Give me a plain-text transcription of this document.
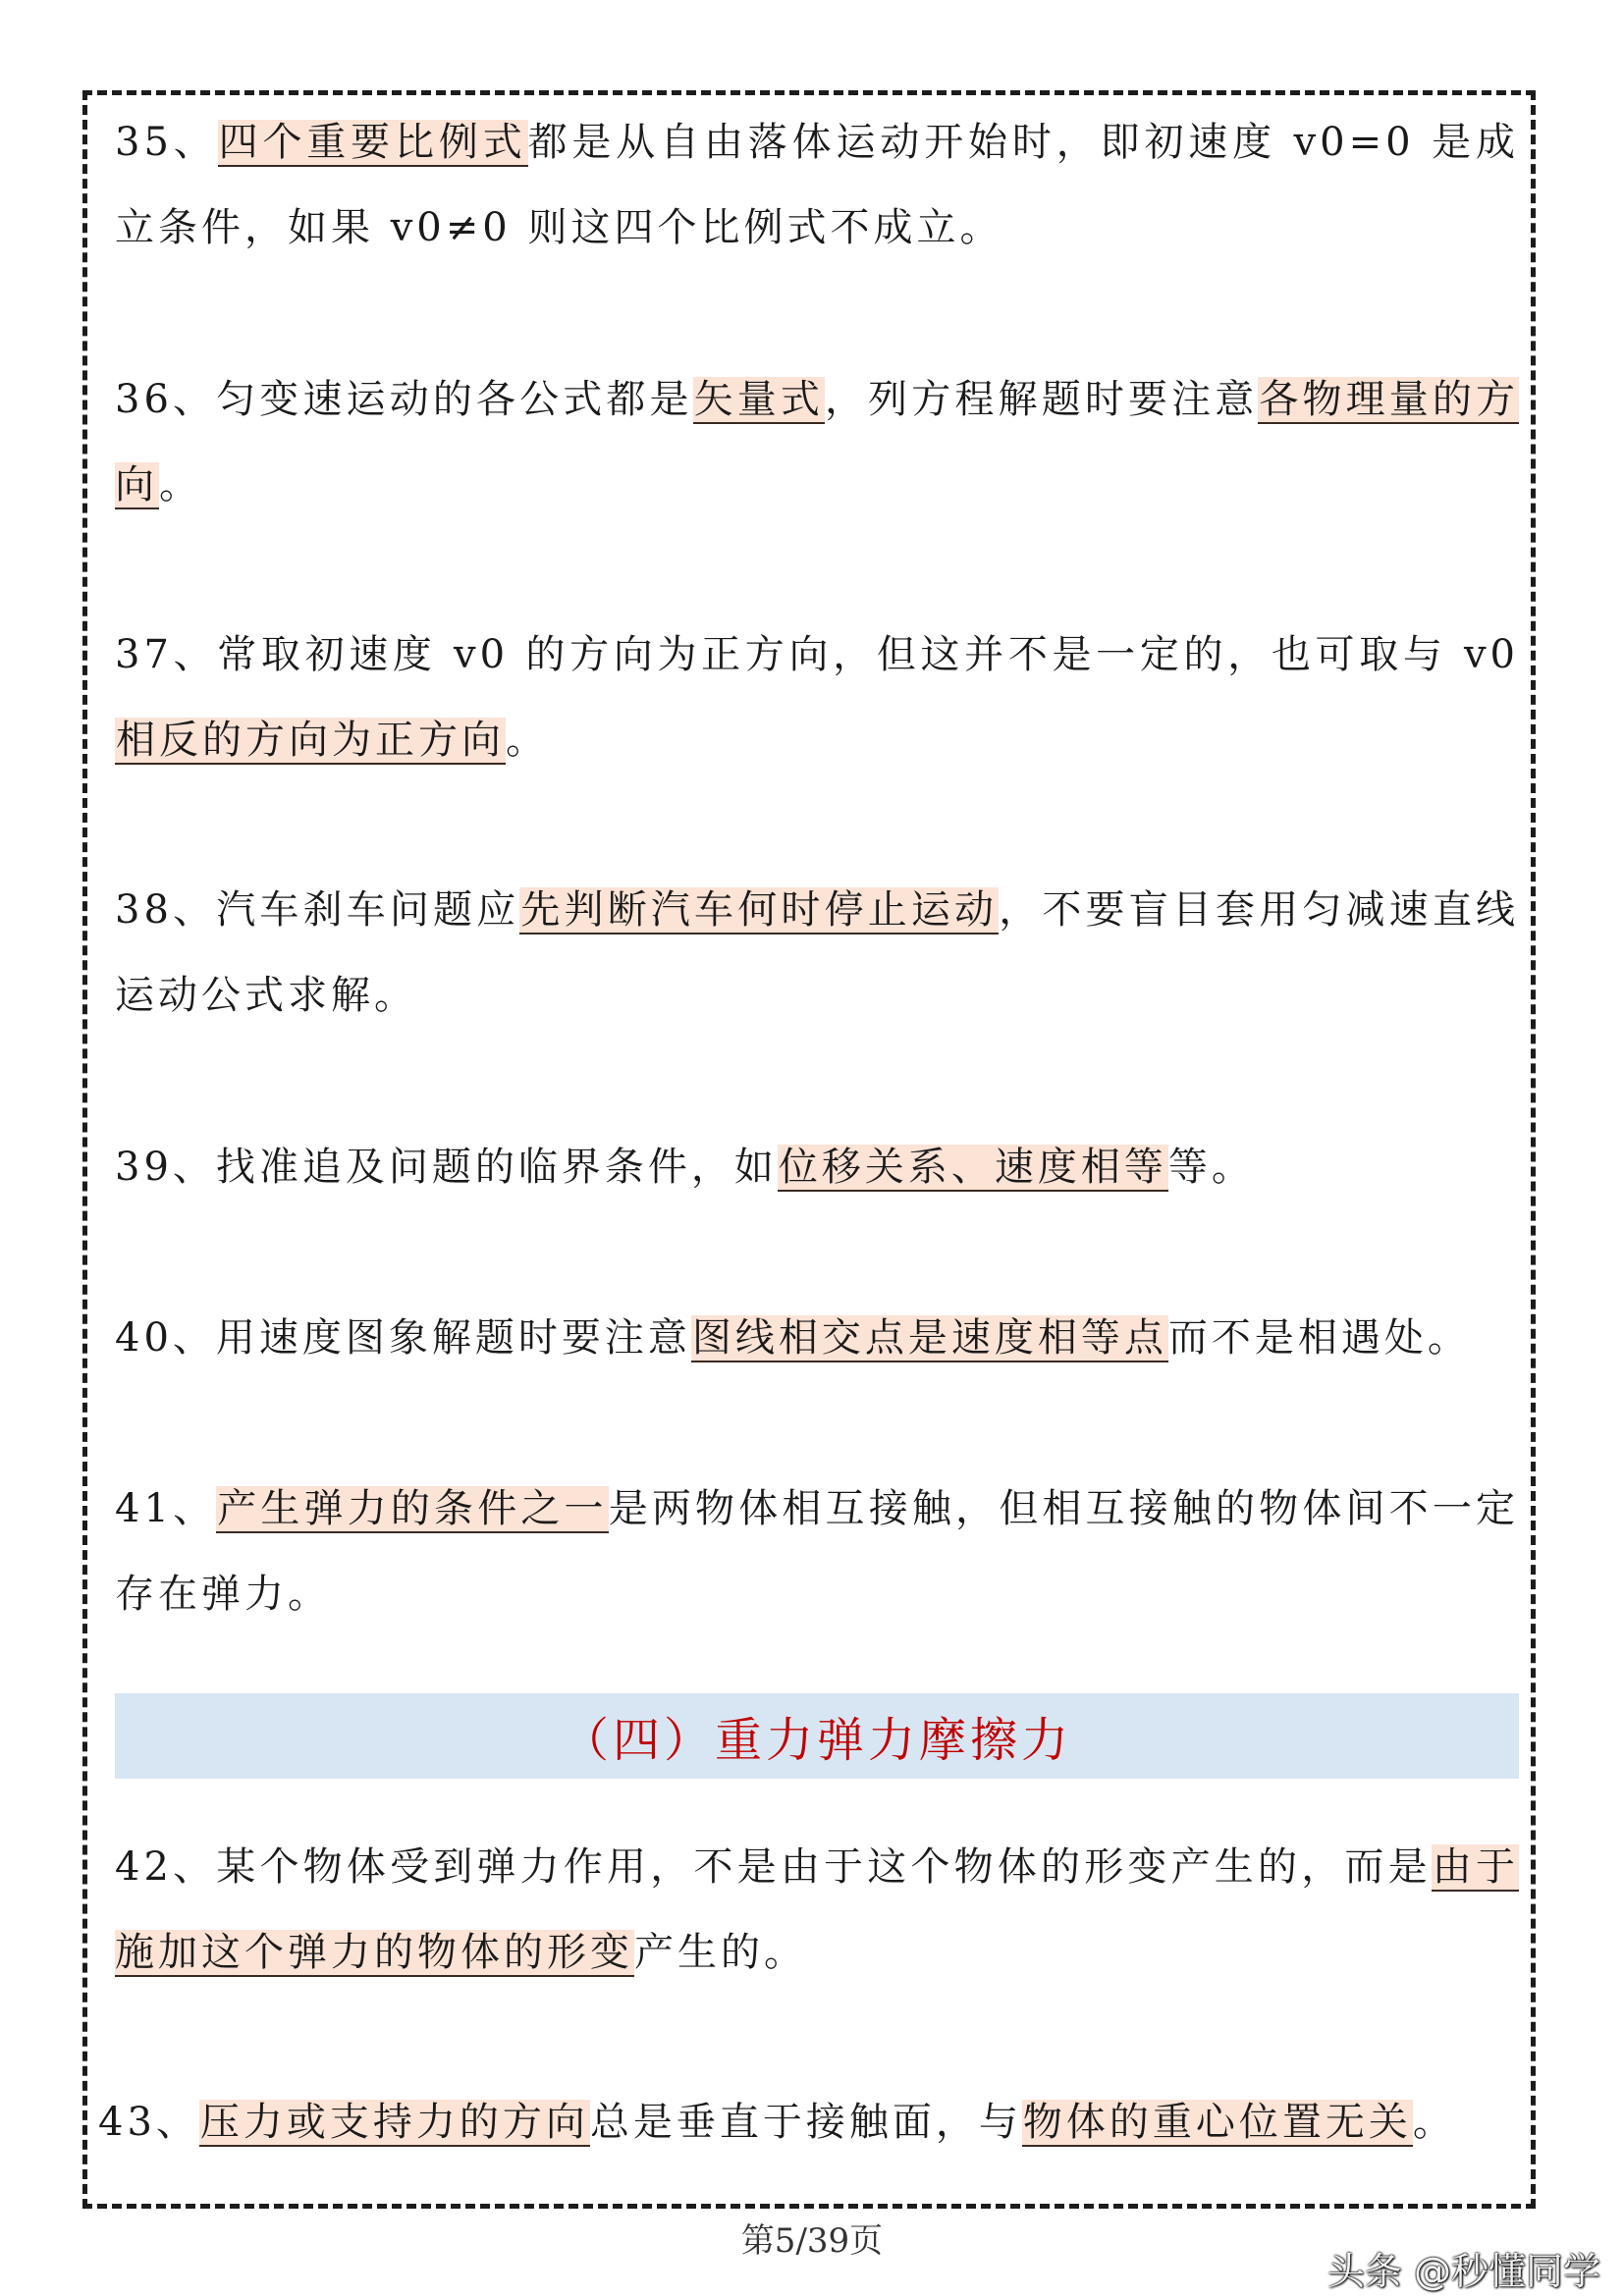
35、四个重要比例式都是从自由落体运动开始时，即初速度 v0=0 是成立条件，如果 v0≠0 则这四个比例式不成立。

36、匀变速运动的各公式都是矢量式，列方程解题时要注意各物理量的方向。

37、常取初速度 v0 的方向为正方向，但这并不是一定的，也可取与 v0 相反的方向为正方向。

38、汽车刹车问题应先判断汽车何时停止运动，不要盲目套用匀减速直线运动公式求解。

39、找准追及问题的临界条件，如位移关系、速度相等等。

40、用速度图象解题时要注意图线相交点是速度相等点而不是相遇处。

41、产生弹力的条件之一是两物体相互接触，但相互接触的物体间不一定存在弹力。

（四）重力弹力摩擦力

42、某个物体受到弹力作用，不是由于这个物体的形变产生的，而是由于施加这个弹力的物体的形变产生的。

43、压力或支持力的方向总是垂直于接触面，与物体的重心位置无关。

第5/39页
头条 @秒懂同学
